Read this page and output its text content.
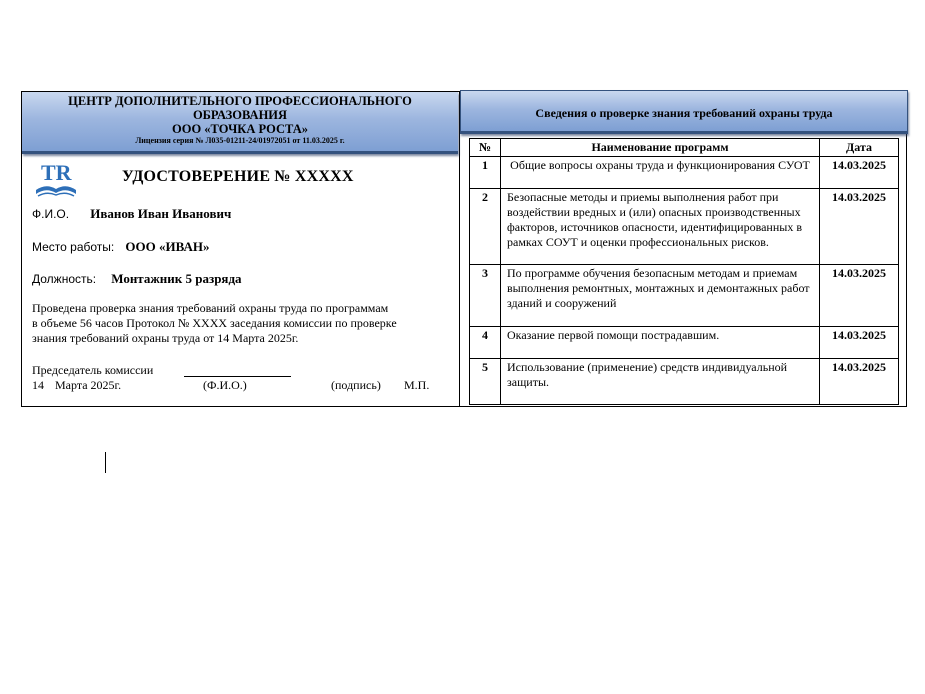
ЦЕНТР ДОПОЛНИТЕЛЬНОГО ПРОФЕССИОНАЛЬНОГО
ОБРАЗОВАНИЯ
ООО «ТОЧКА РОСТА»
Лицензия серия № Л035-01211-24/01972051 от 11.03.2025 г.
TR	УДОСТОВЕРЕНИЕ № XXXXX
Ф.И.О. Иванов Иван Иванович
Место работы: ООО «ИВАН»
Должность: Монтажник 5 разряда
Проведена проверка знания требований охраны труда по программам
в объеме 56 часов Протокол № XXXX заседания комиссии по проверке
знания требований охраны труда от 14 Марта 2025г.
Председатель комиссии
14 Марта 2025г.	(Ф.И.О.)	(подпись) М.П.
Сведения о проверке знания требований охраны труда
№	Наименование программ	Дата
1	Общие вопросы охраны труда и функционирования СУОТ	14.03.2025
2	Безопасные методы и приемы выполнения работ при воздействии вредных и (или) опасных производственных факторов, источников опасности, идентифицированных в рамках СОУТ и оценки профессиональных рисков.	14.03.2025
3	По программе обучения безопасным методам и приемам выполнения ремонтных, монтажных и демонтажных работ зданий и сооружений	14.03.2025
4	Оказание первой помощи пострадавшим.	14.03.2025
5	Использование (применение) средств индивидуальной защиты.	14.03.2025
